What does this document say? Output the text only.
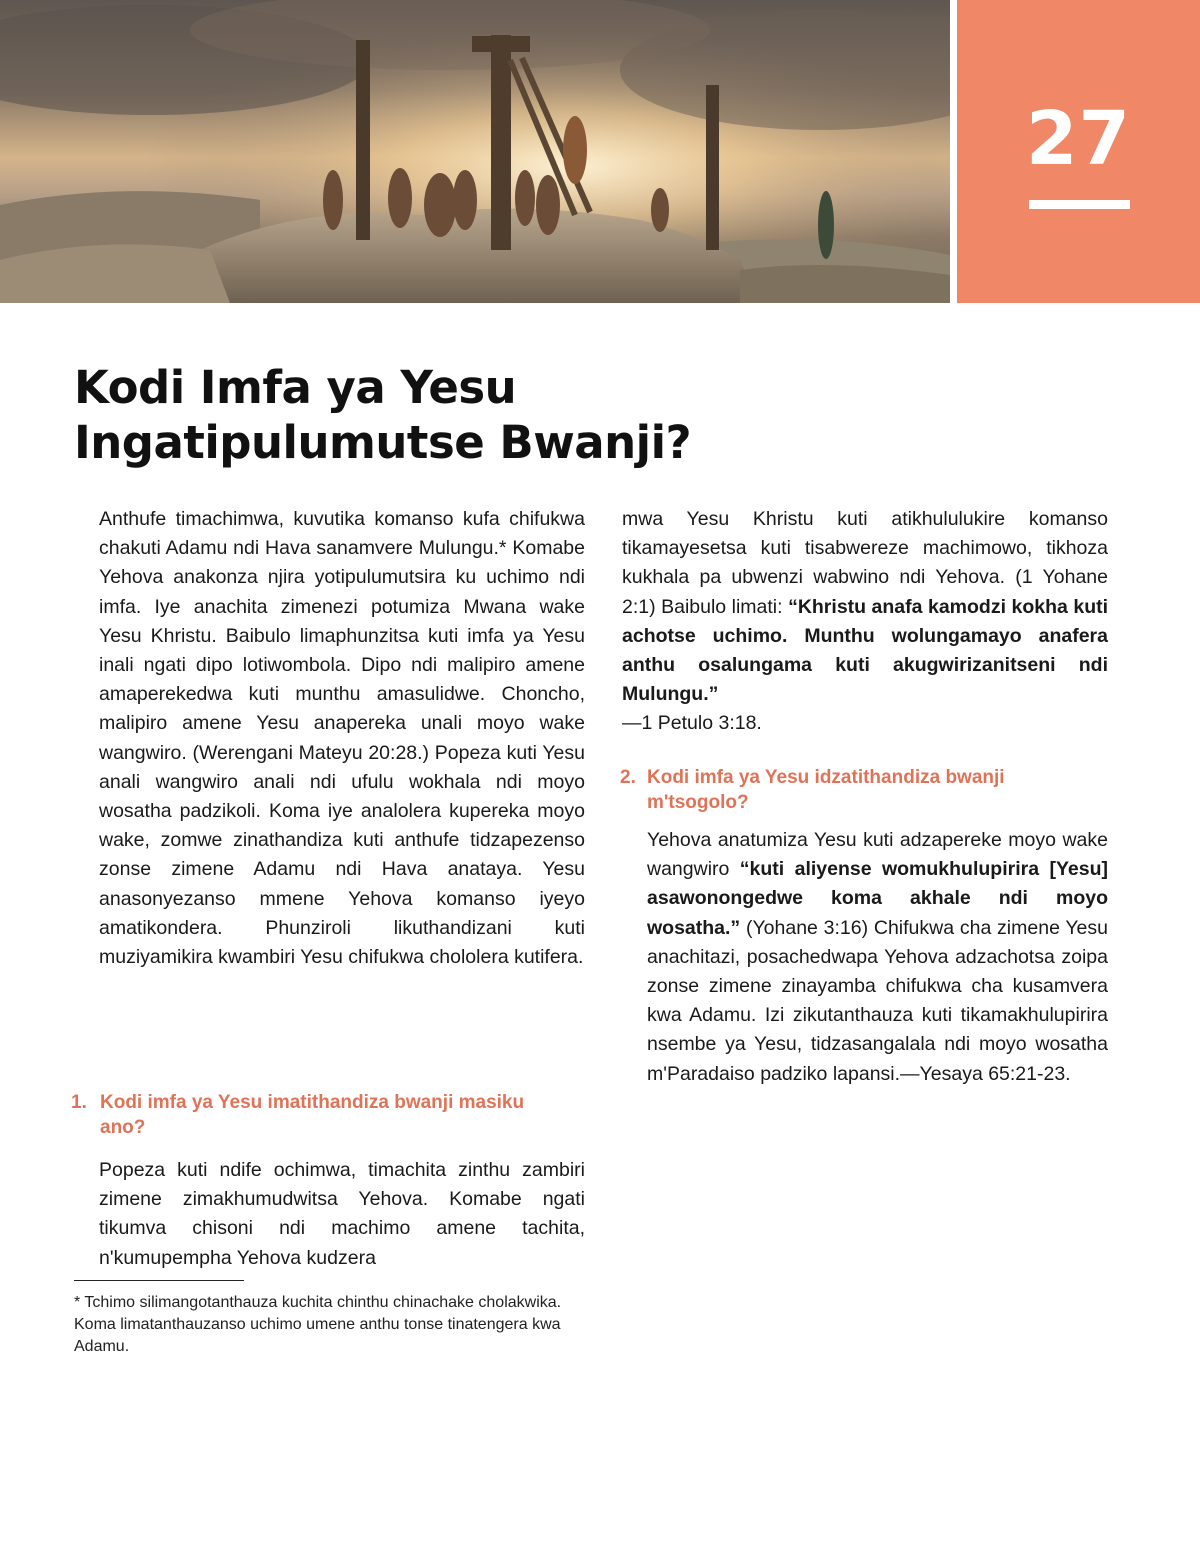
27
Kodi Imfa ya Yesu
Ingatipulumutse Bwanji?

Anthufe timachimwa, kuvutika komanso kufa chifukwa chakuti Adamu ndi Hava sanamvere Mulungu.* Komabe Yehova anakonza njira yotipulumutsira ku uchimo ndi imfa. Iye anachita zimenezi potumiza Mwana wake Yesu Khristu. Baibulo limaphunzitsa kuti imfa ya Yesu inali ngati dipo lotiwombola. Dipo ndi malipiro amene amaperekedwa kuti munthu amasulidwe. Choncho, malipiro amene Yesu anapereka unali moyo wake wangwiro. (Werengani Mateyu 20:28.) Popeza kuti Yesu anali wangwiro anali ndi ufulu wokhala ndi moyo wosatha padzikoli. Koma iye analolera kupereka moyo wake, zomwe zinathandiza kuti anthufe tidzapezenso zonse zimene Adamu ndi Hava anataya. Yesu anasonyezanso mmene Yehova komanso iyeyo amatikondera. Phunziroli likuthandizani kuti muziyamikira kwambiri Yesu chifukwa chololera kutifera.

1. Kodi imfa ya Yesu imatithandiza bwanji masiku ano?

Popeza kuti ndife ochimwa, timachita zinthu zambiri zimene zimakhumudwitsa Yehova. Komabe ngati tikumva chisoni ndi machimo amene tachita, n'kumupempha Yehova kudzera

* Tchimo silimangotanthauza kuchita chinthu chinachake cholakwika. Koma limatanthauzanso uchimo umene anthu tonse tinatengera kwa Adamu.

mwa Yesu Khristu kuti atikhululukire komanso tikamayesetsa kuti tisabwereze machimowo, tikhoza kukhala pa ubwenzi wabwino ndi Yehova. (1 Yohane 2:1) Baibulo limati: “Khristu anafa kamodzi kokha kuti achotse uchimo. Munthu wolungamayo anafera anthu osalungama kuti akugwirizanitseni ndi Mulungu.”
—1 Petulo 3:18.

2. Kodi imfa ya Yesu idzatithandiza bwanji m'tsogolo?

Yehova anatumiza Yesu kuti adzapereke moyo wake wangwiro “kuti aliyense womukhulupirira [Yesu] asawonongedwe koma akhale ndi moyo wosatha.” (Yohane 3:16) Chifukwa cha zimene Yesu anachitazi, posachedwapa Yehova adzachotsa zoipa zonse zimene zinayamba chifukwa cha kusamvera kwa Adamu. Izi zikutanthauza kuti tikamakhulupirira nsembe ya Yesu, tidzasangalala ndi moyo wosatha m'Paradaiso padziko lapansi.—Yesaya 65:21-23.
